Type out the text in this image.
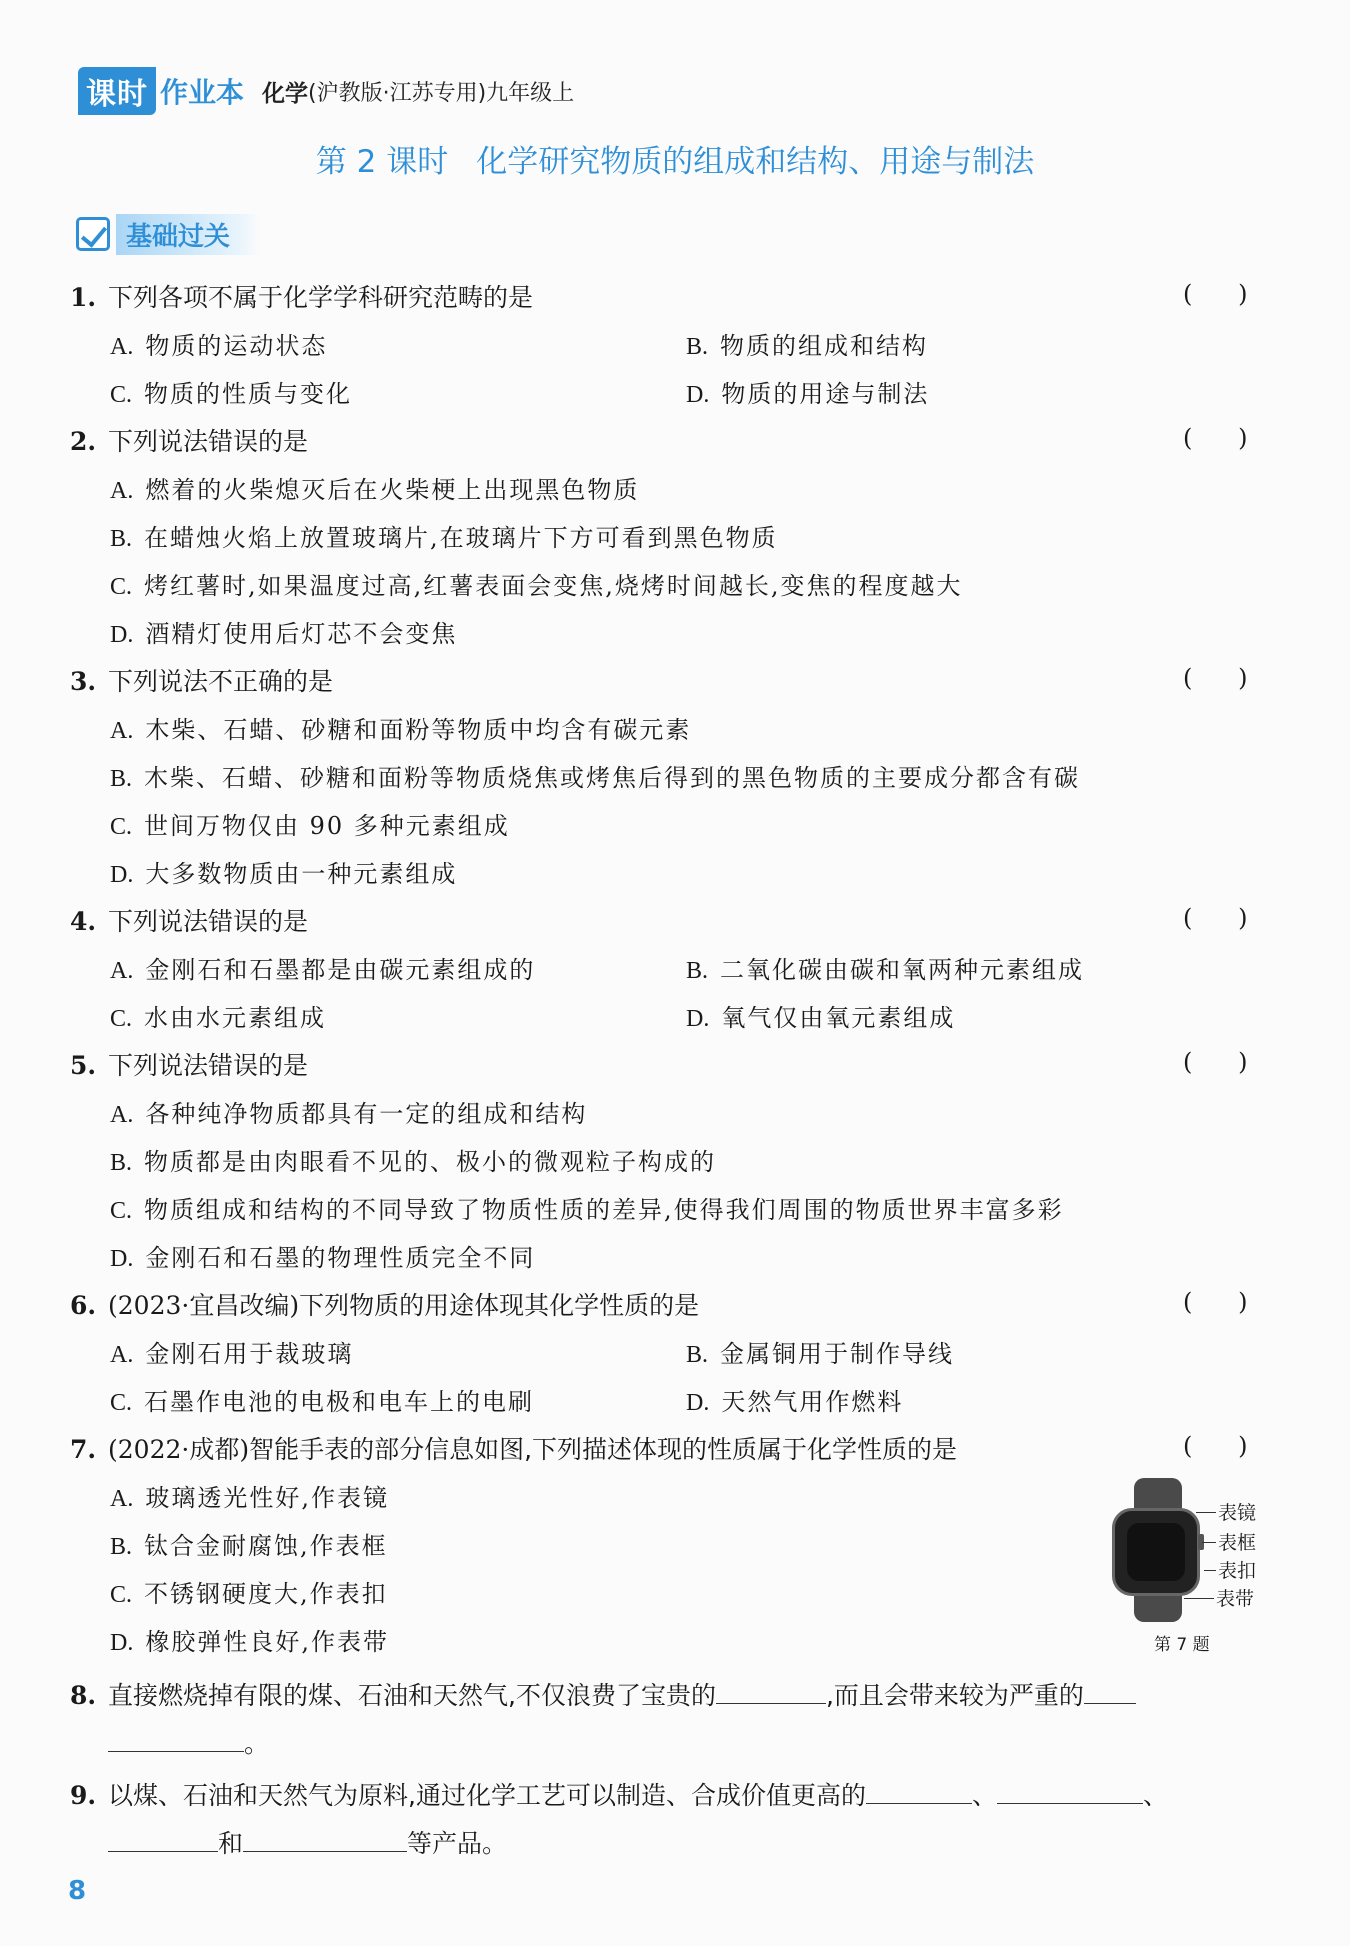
课时 作业本 化学 (沪教版·江苏专用)九年级上
第 2 课时 化学研究物质的组成和结构、用途与制法
基础过关
1. 下列各项不属于化学学科研究范畴的是	(      )
A. 物质的运动状态	B. 物质的组成和结构
C. 物质的性质与变化	D. 物质的用途与制法
2. 下列说法错误的是	(      )
A. 燃着的火柴熄灭后在火柴梗上出现黑色物质
B. 在蜡烛火焰上放置玻璃片,在玻璃片下方可看到黑色物质
C. 烤红薯时,如果温度过高,红薯表面会变焦,烧烤时间越长,变焦的程度越大
D. 酒精灯使用后灯芯不会变焦
3. 下列说法不正确的是	(      )
A. 木柴、石蜡、砂糖和面粉等物质中均含有碳元素
B. 木柴、石蜡、砂糖和面粉等物质烧焦或烤焦后得到的黑色物质的主要成分都含有碳
C. 世间万物仅由 90 多种元素组成
D. 大多数物质由一种元素组成
4. 下列说法错误的是	(      )
A. 金刚石和石墨都是由碳元素组成的	B. 二氧化碳由碳和氧两种元素组成
C. 水由水元素组成	D. 氧气仅由氧元素组成
5. 下列说法错误的是	(      )
A. 各种纯净物质都具有一定的组成和结构
B. 物质都是由肉眼看不见的、极小的微观粒子构成的
C. 物质组成和结构的不同导致了物质性质的差异,使得我们周围的物质世界丰富多彩
D. 金刚石和石墨的物理性质完全不同
6. (2023·宜昌改编)下列物质的用途体现其化学性质的是	(      )
A. 金刚石用于裁玻璃	B. 金属铜用于制作导线
C. 石墨作电池的电极和电车上的电刷	D. 天然气用作燃料
7. (2022·成都)智能手表的部分信息如图,下列描述体现的性质属于化学性质的是	(      )
A. 玻璃透光性好,作表镜
B. 钛合金耐腐蚀,作表框
C. 不锈钢硬度大,作表扣
D. 橡胶弹性良好,作表带
表镜
表框
表扣
表带
第 7 题
8. 直接燃烧掉有限的煤、石油和天然气,不仅浪费了宝贵的	,而且会带来较为严重的
。
9. 以煤、石油和天然气为原料,通过化学工艺可以制造、合成价值更高的	、	、
和	等产品。
8
